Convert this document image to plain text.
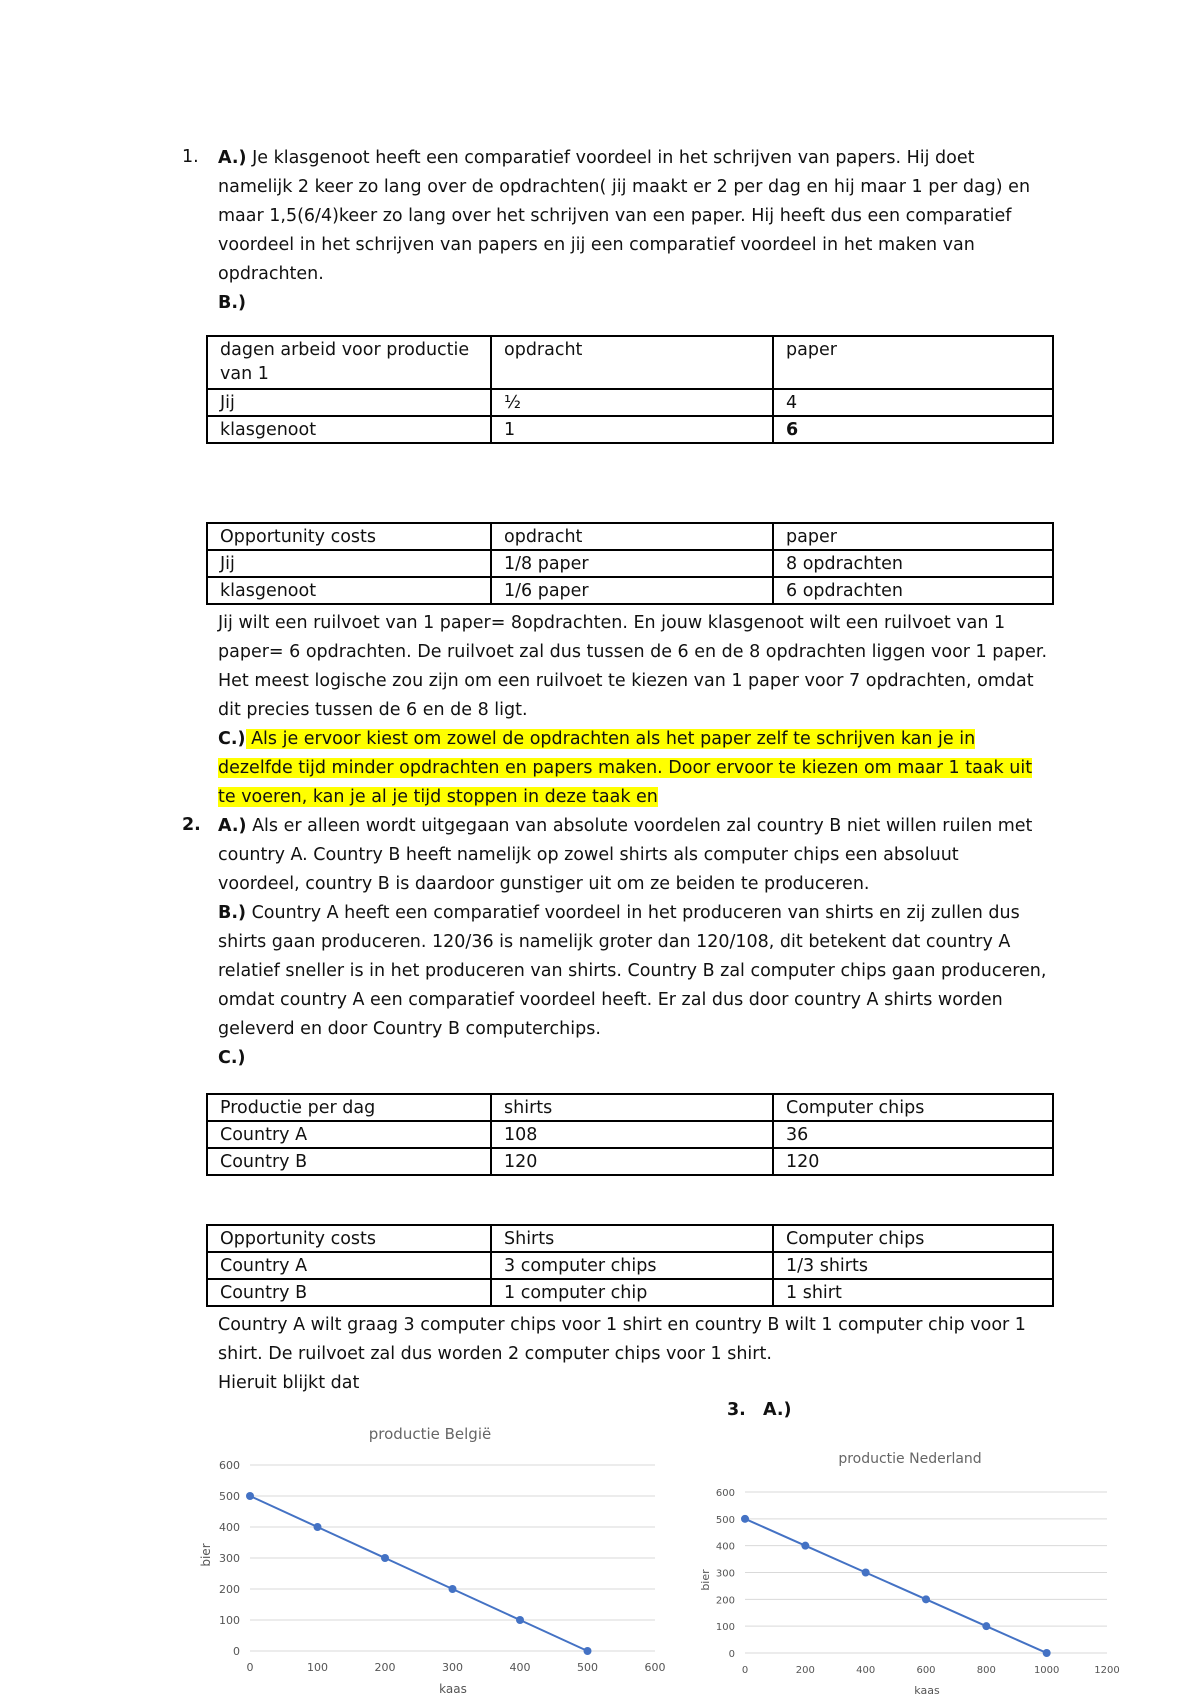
1. A.) Je klasgenoot heeft een comparatief voordeel in het schrijven van papers. Hij doet
namelijk 2 keer zo lang over de opdrachten( jij maakt er 2 per dag en hij maar 1 per dag) en
maar 1,5(6/4)keer zo lang over het schrijven van een paper. Hij heeft dus een comparatief
voordeel in het schrijven van papers en jij een comparatief voordeel in het maken van
opdrachten.
B.)
dagen arbeid voor productie van 1	opdracht	paper
Jij	½	4
klasgenoot	1	6
Opportunity costs	opdracht	paper
Jij	1/8 paper	8 opdrachten
klasgenoot	1/6 paper	6 opdrachten
Jij wilt een ruilvoet van 1 paper= 8opdrachten. En jouw klasgenoot wilt een ruilvoet van 1
paper= 6 opdrachten. De ruilvoet zal dus tussen de 6 en de 8 opdrachten liggen voor 1 paper.
Het meest logische zou zijn om een ruilvoet te kiezen van 1 paper voor 7 opdrachten, omdat
dit precies tussen de 6 en de 8 ligt.
C.) Als je ervoor kiest om zowel de opdrachten als het paper zelf te schrijven kan je in
dezelfde tijd minder opdrachten en papers maken. Door ervoor te kiezen om maar 1 taak uit
te voeren, kan je al je tijd stoppen in deze taak en
2. A.) Als er alleen wordt uitgegaan van absolute voordelen zal country B niet willen ruilen met
country A. Country B heeft namelijk op zowel shirts als computer chips een absoluut
voordeel, country B is daardoor gunstiger uit om ze beiden te produceren.
B.) Country A heeft een comparatief voordeel in het produceren van shirts en zij zullen dus
shirts gaan produceren. 120/36 is namelijk groter dan 120/108, dit betekent dat country A
relatief sneller is in het produceren van shirts. Country B zal computer chips gaan produceren,
omdat country A een comparatief voordeel heeft. Er zal dus door country A shirts worden
geleverd en door Country B computerchips.
C.)
Productie per dag	shirts	Computer chips
Country A	108	36
Country B	120	120
Opportunity costs	Shirts	Computer chips
Country A	3 computer chips	1/3 shirts
Country B	1 computer chip	1 shirt
Country A wilt graag 3 computer chips voor 1 shirt en country B wilt 1 computer chip voor 1
shirt. De ruilvoet zal dus worden 2 computer chips voor 1 shirt.
Hieruit blijkt dat
3. A.)
productie België
0
100
200
300
400
500
600
0	100	200	300	400	500	600
bier
kaas
productie Nederland
0
100
200
300
400
500
600
0	200	400	600	800	1000	1200
bier
kaas
